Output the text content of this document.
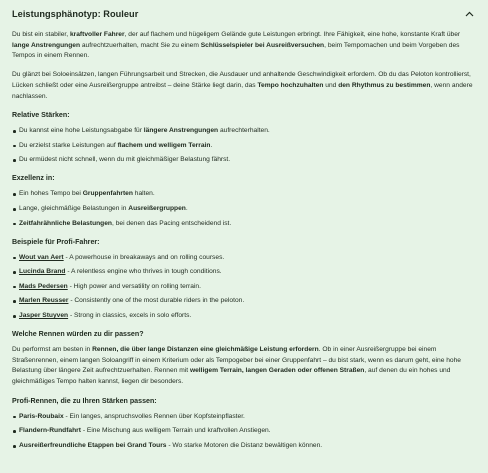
Leistungsphänotyp: Rouleur

Du bist ein stabiler, kraftvoller Fahrer, der auf flachem und hügeligem Gelände gute Leistungen erbringt. Ihre Fähigkeit, eine hohe, konstante Kraft über lange Anstrengungen aufrechtzuerhalten, macht Sie zu einem Schlüsselspieler bei Ausreißversuchen, beim Tempomachen und beim Vorgeben des Tempos in einem Rennen.

Du glänzt bei Soloeinsätzen, langen Führungsarbeit und Strecken, die Ausdauer und anhaltende Geschwindigkeit erfordern. Ob du das Peloton kontrollierst, Lücken schließt oder eine Ausreißergruppe antreibst – deine Stärke liegt darin, das Tempo hochzuhalten und den Rhythmus zu bestimmen, wenn andere nachlassen.

Relative Stärken:
Du kannst eine hohe Leistungsabgabe für längere Anstrengungen aufrechterhalten.
Du erzielst starke Leistungen auf flachem und welligem Terrain.
Du ermüdest nicht schnell, wenn du mit gleichmäßiger Belastung fährst.
Exzellenz in:
Ein hohes Tempo bei Gruppenfahrten halten.
Lange, gleichmäßige Belastungen in Ausreißergruppen.
Zeitfahrähnliche Belastungen, bei denen das Pacing entscheidend ist.
Beispiele für Profi-Fahrer:
Wout van Aert - A powerhouse in breakaways and on rolling courses.
Lucinda Brand - A relentless engine who thrives in tough conditions.
Mads Pedersen - High power and versatility on rolling terrain.
Marlen Reusser - Consistently one of the most durable riders in the peloton.
Jasper Stuyven - Strong in classics, excels in solo efforts.
Welche Rennen würden zu dir passen?

Du performst am besten in Rennen, die über lange Distanzen eine gleichmäßige Leistung erfordern. Ob in einer Ausreißergruppe bei einem Straßenrennen, einem langen Soloangriff in einem Kriterium oder als Tempogeber bei einer Gruppenfahrt – du bist stark, wenn es darum geht, eine hohe Belastung über längere Zeit aufrechtzuerhalten. Rennen mit welligem Terrain, langen Geraden oder offenen Straßen, auf denen du ein hohes und gleichmäßiges Tempo halten kannst, liegen dir besonders.

Profi-Rennen, die zu Ihren Stärken passen:
Paris-Roubaix - Ein langes, anspruchsvolles Rennen über Kopfsteinpflaster.
Flandern-Rundfahrt - Eine Mischung aus welligem Terrain und kraftvollen Anstiegen.
Ausreißerfreundliche Etappen bei Grand Tours - Wo starke Motoren die Distanz bewältigen können.
